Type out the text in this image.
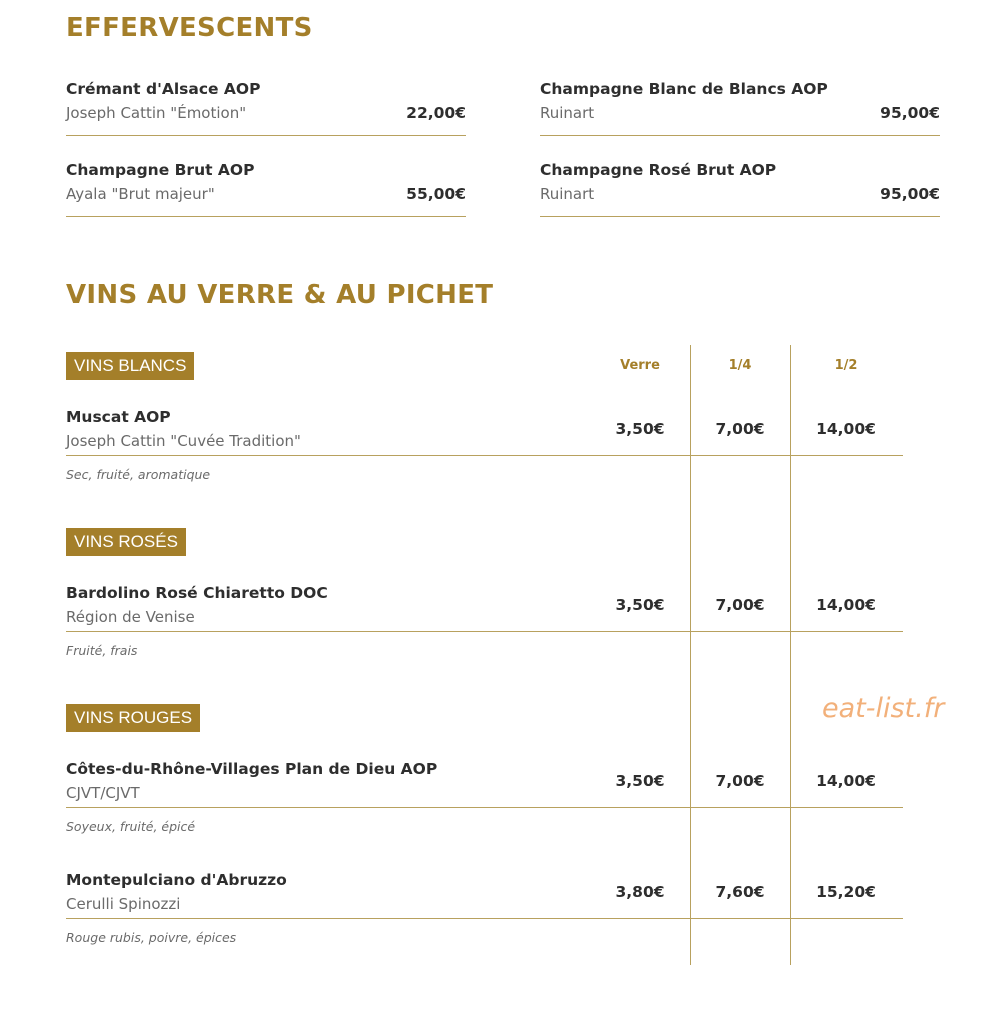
EFFERVESCENTS
Crémant d'Alsace AOP
Joseph Cattin "Émotion"	22,00€
Champagne Blanc de Blancs AOP
Ruinart	95,00€
Champagne Brut AOP
Ayala "Brut majeur"	55,00€
Champagne Rosé Brut AOP
Ruinart	95,00€
VINS AU VERRE & AU PICHET
Verre	1/4	1/2
VINS BLANCS
Muscat AOP
Joseph Cattin "Cuvée Tradition"
3,50€	7,00€	14,00€
Sec, fruité, aromatique
VINS ROSÉS
Bardolino Rosé Chiaretto DOC
Région de Venise
3,50€	7,00€	14,00€
Fruité, frais
VINS ROUGES
Côtes-du-Rhône-Villages Plan de Dieu AOP
CJVT/CJVT
3,50€	7,00€	14,00€
Soyeux, fruité, épicé
Montepulciano d'Abruzzo
Cerulli Spinozzi
3,80€	7,60€	15,20€
Rouge rubis, poivre, épices
eat-list.fr
